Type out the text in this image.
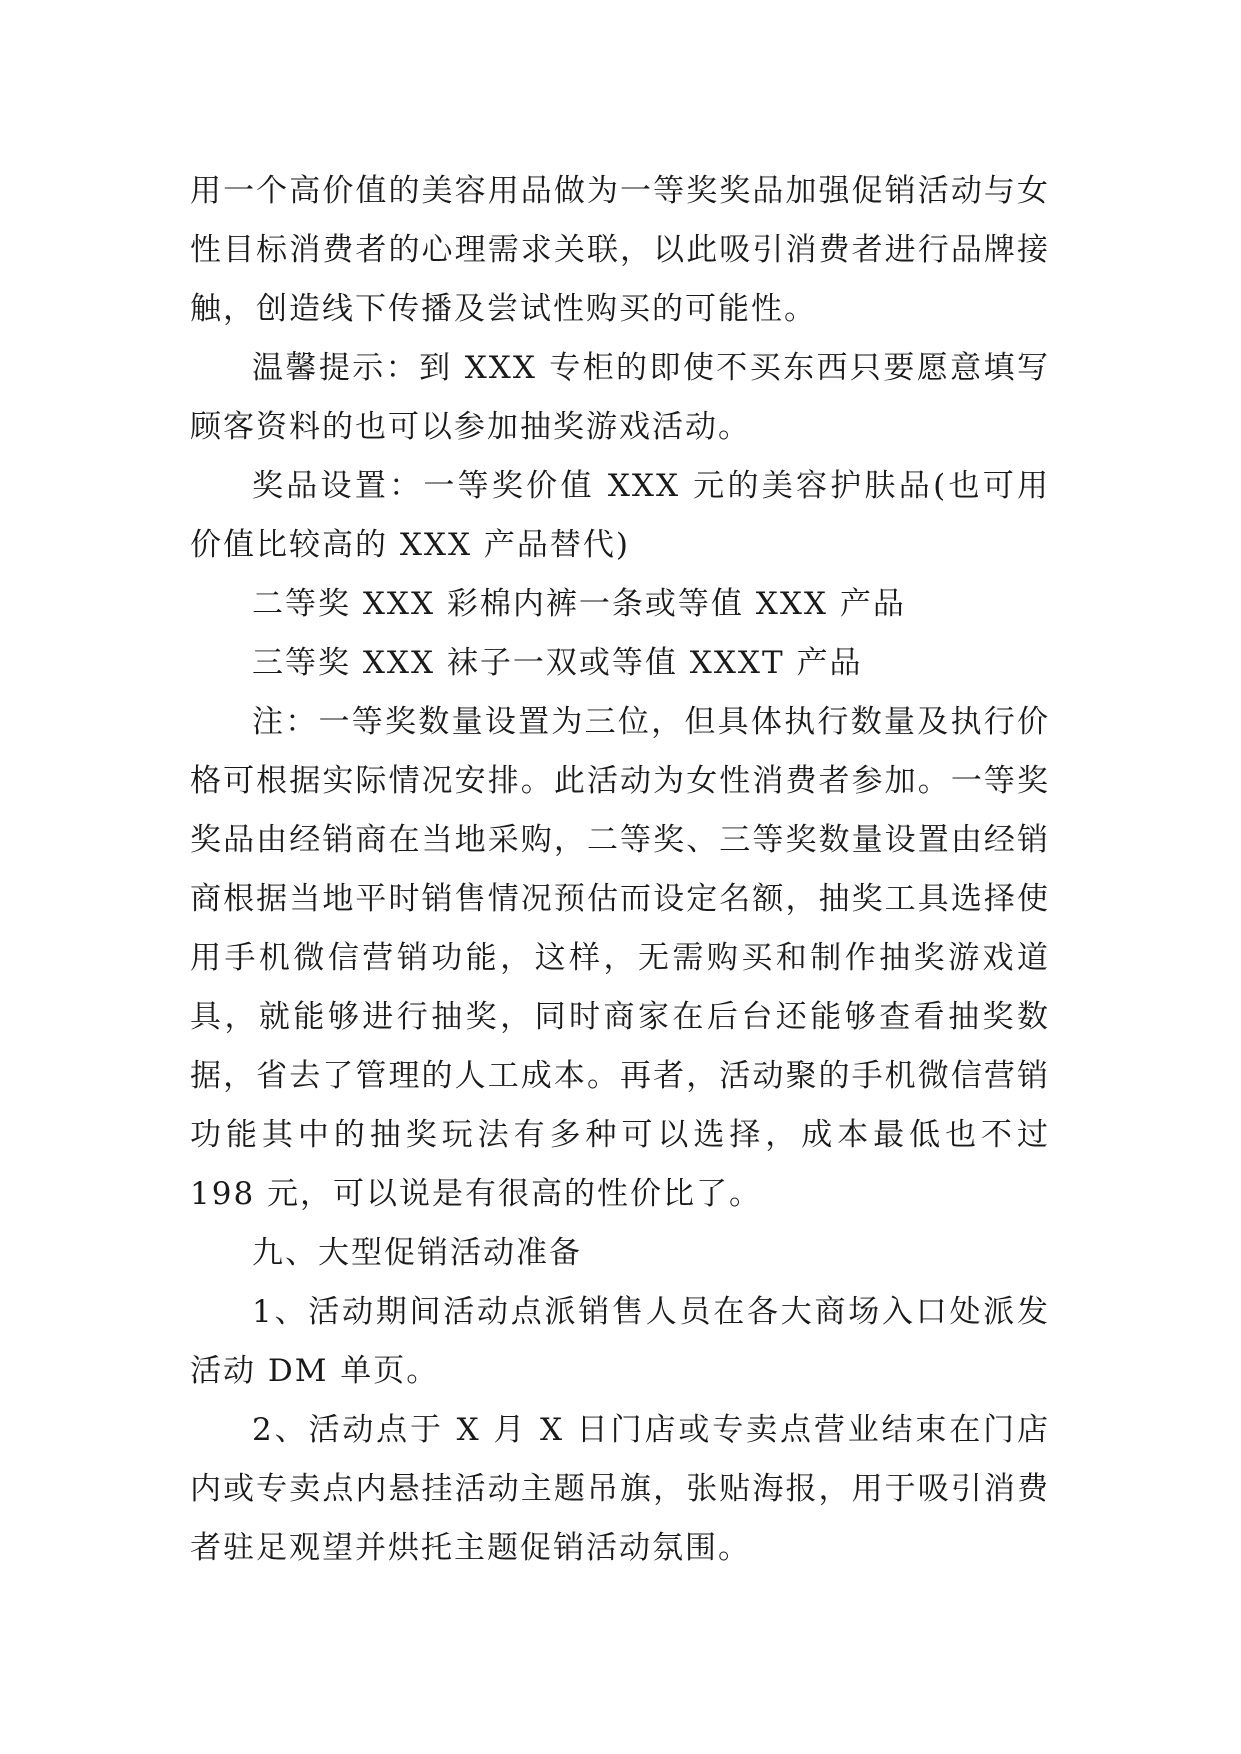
用一个高价值的美容用品做为一等奖奖品加强促销活动与女性目标消费者的心理需求关联，以此吸引消费者进行品牌接触，创造线下传播及尝试性购买的可能性。

温馨提示：到 XXX 专柜的即使不买东西只要愿意填写顾客资料的也可以参加抽奖游戏活动。

奖品设置：一等奖价值 XXX 元的美容护肤品(也可用价值比较高的 XXX 产品替代)

二等奖 XXX 彩棉内裤一条或等值 XXX 产品

三等奖 XXX 袜子一双或等值 XXXT 产品

注：一等奖数量设置为三位，但具体执行数量及执行价格可根据实际情况安排。此活动为女性消费者参加。一等奖奖品由经销商在当地采购，二等奖、三等奖数量设置由经销商根据当地平时销售情况预估而设定名额，抽奖工具选择使用手机微信营销功能，这样，无需购买和制作抽奖游戏道具，就能够进行抽奖，同时商家在后台还能够查看抽奖数据，省去了管理的人工成本。再者，活动聚的手机微信营销功能其中的抽奖玩法有多种可以选择，成本最低也不过 198 元，可以说是有很高的性价比了。

九、大型促销活动准备

1、活动期间活动点派销售人员在各大商场入口处派发活动 DM 单页。

2、活动点于 X 月 X 日门店或专卖点营业结束在门店内或专卖点内悬挂活动主题吊旗，张贴海报，用于吸引消费者驻足观望并烘托主题促销活动氛围。
